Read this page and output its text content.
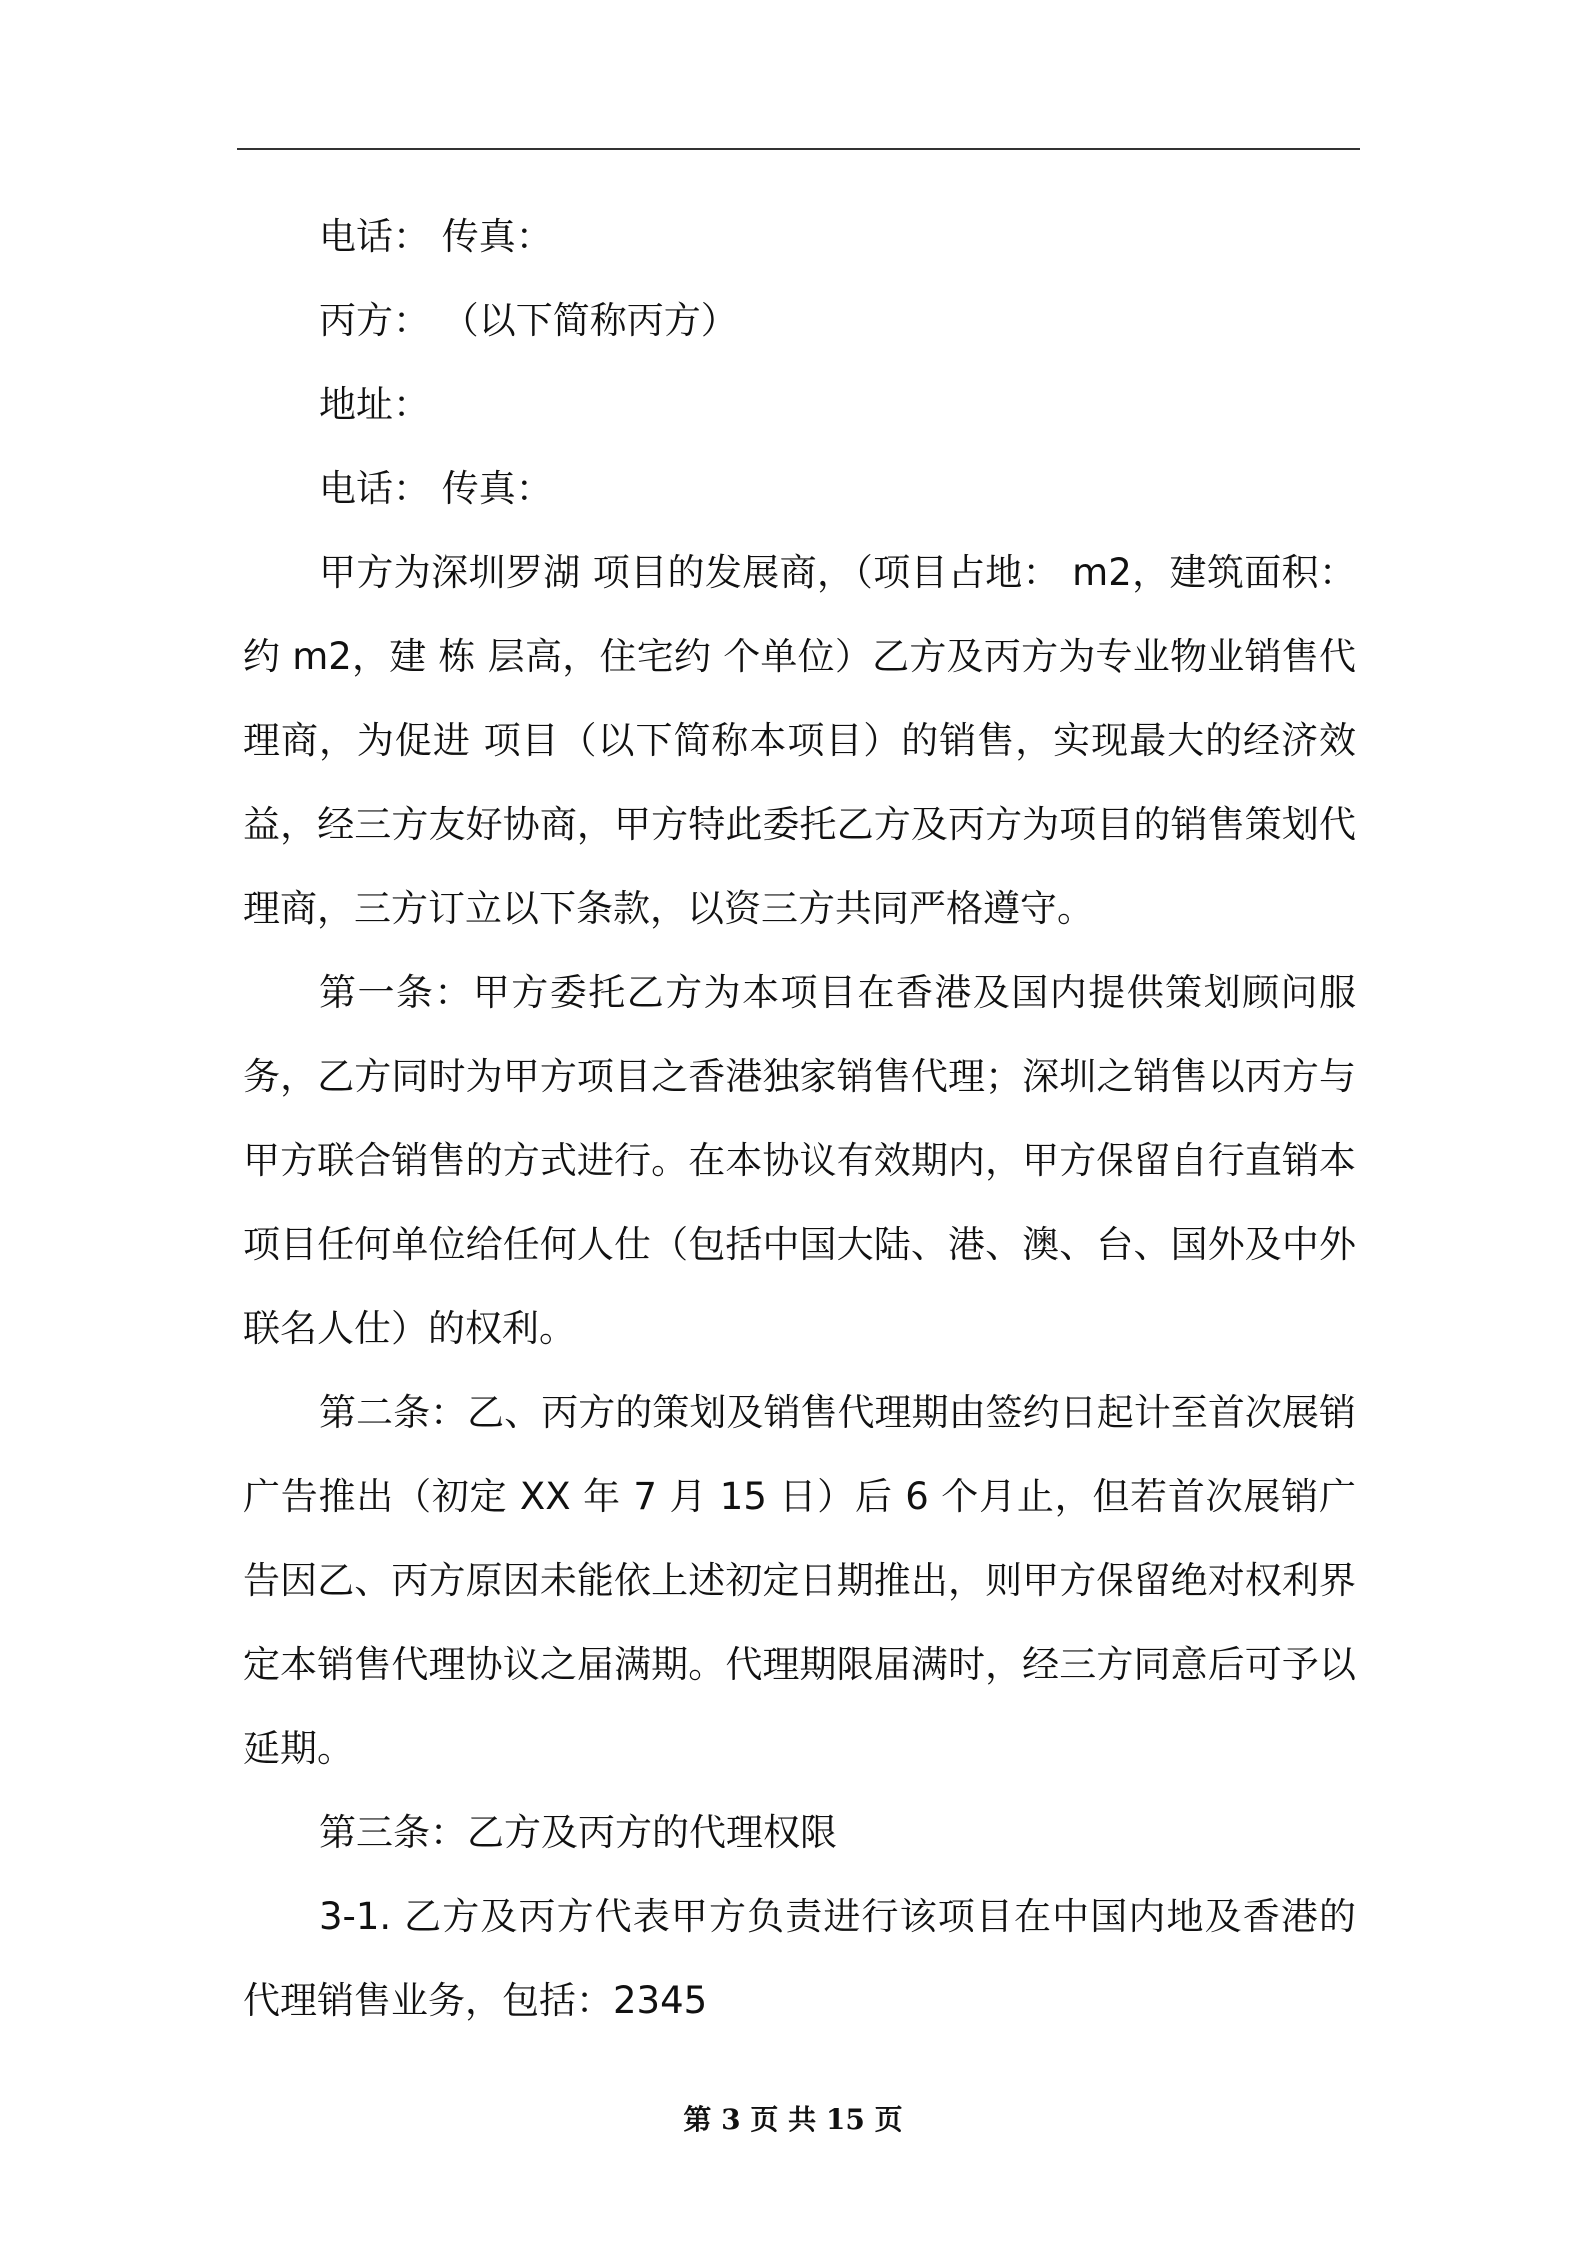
电话： 传真：
丙方： （以下简称丙方）
地址：
电话： 传真：

甲方为深圳罗湖 项目的发展商，（项目占地： m2，建筑面积：约 m2，建 栋 层高，住宅约 个单位）乙方及丙方为专业物业销售代理商，为促进 项目（以下简称本项目）的销售，实现最大的经济效益，经三方友好协商，甲方特此委托乙方及丙方为项目的销售策划代理商，三方订立以下条款，以资三方共同严格遵守。

第一条：甲方委托乙方为本项目在香港及国内提供策划顾问服务，乙方同时为甲方项目之香港独家销售代理；深圳之销售以丙方与甲方联合销售的方式进行。在本协议有效期内，甲方保留自行直销本项目任何单位给任何人仕（包括中国大陆、港、澳、台、国外及中外联名人仕）的权利。

第二条：乙、丙方的策划及销售代理期由签约日起计至首次展销广告推出（初定 XX 年 7 月 15 日）后 6 个月止，但若首次展销广告因乙、丙方原因未能依上述初定日期推出，则甲方保留绝对权利界定本销售代理协议之届满期。代理期限届满时，经三方同意后可予以延期。

第三条：乙方及丙方的代理权限

3-1. 乙方及丙方代表甲方负责进行该项目在中国内地及香港的代理销售业务，包括：2345

第 3 页 共 15 页
